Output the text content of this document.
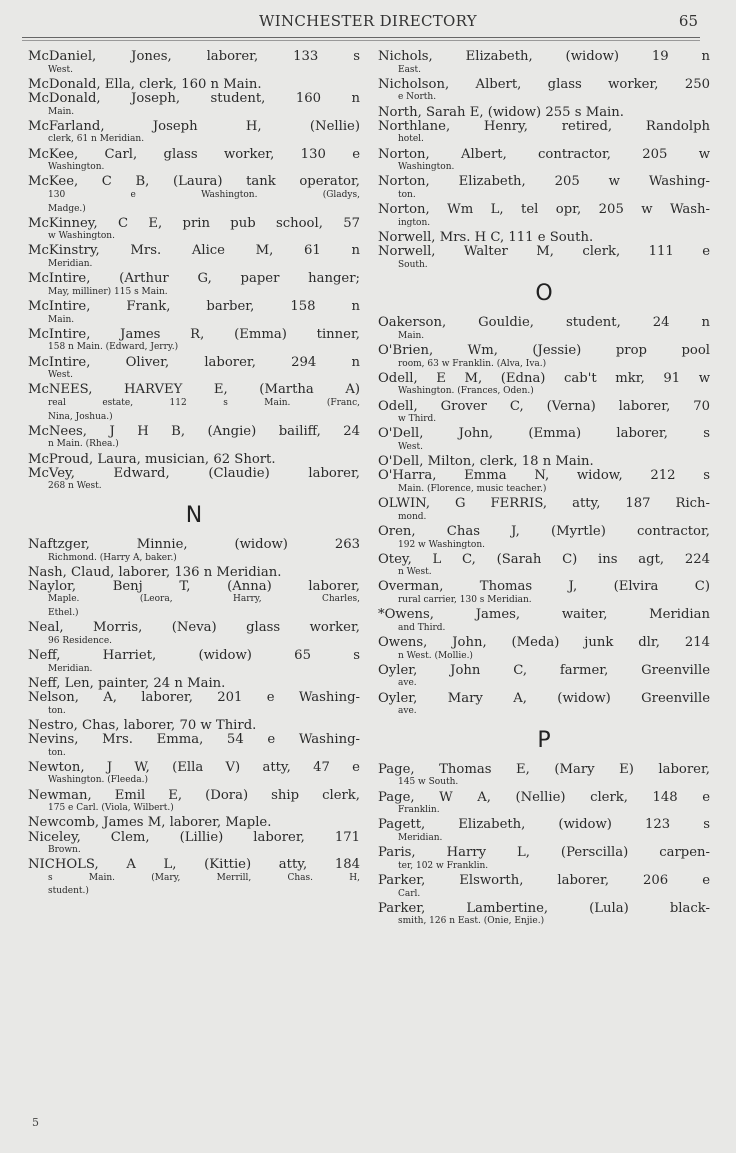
WINCHESTER DIRECTORY	65
McDaniel, Jones, laborer, 133 s
West.
McDonald, Ella, clerk, 160 n Main.
McDonald, Joseph, student, 160 n
Main.
McFarland, Joseph H, (Nellie)
clerk, 61 n Meridian.
McKee, Carl, glass worker, 130 e
Washington.
McKee, C B, (Laura) tank operator,
130 e Washington. (Gladys,
Madge.)
McKinney, C E, prin pub school, 57
w Washington.
McKinstry, Mrs. Alice M, 61 n
Meridian.
McIntire, (Arthur G, paper hanger;
May, milliner) 115 s Main.
McIntire, Frank, barber, 158 n
Main.
McIntire, James R, (Emma) tinner,
158 n Main. (Edward, Jerry.)
McIntire, Oliver, laborer, 294 n
West.
McNEES, HARVEY E, (Martha A)
real estate, 112 s Main. (Franc,
Nina, Joshua.)
McNees, J H B, (Angie) bailiff, 24
n Main. (Rhea.)
McProud, Laura, musician, 62 Short.
McVey, Edward, (Claudie) laborer,
268 n West.
N
Naftzger, Minnie, (widow) 263
Richmond. (Harry A, baker.)
Nash, Claud, laborer, 136 n Meridian.
Naylor, Benj T, (Anna) laborer,
Maple. (Leora, Harry, Charles,
Ethel.)
Neal, Morris, (Neva) glass worker,
96 Residence.
Neff, Harriet, (widow) 65 s
Meridian.
Neff, Len, painter, 24 n Main.
Nelson, A, laborer, 201 e Washing-
ton.
Nestro, Chas, laborer, 70 w Third.
Nevins, Mrs. Emma, 54 e Washing-
ton.
Newton, J W, (Ella V) atty, 47 e
Washington. (Fleeda.)
Newman, Emil E, (Dora) ship clerk,
175 e Carl. (Viola, Wilbert.)
Newcomb, James M, laborer, Maple.
Niceley, Clem, (Lillie) laborer, 171
Brown.
NICHOLS, A L, (Kittie) atty, 184
s Main. (Mary, Merrill, Chas. H,
student.)
Nichols, Elizabeth, (widow) 19 n
East.
Nicholson, Albert, glass worker, 250
e North.
North, Sarah E, (widow) 255 s Main.
Northlane, Henry, retired, Randolph
hotel.
Norton, Albert, contractor, 205 w
Washington.
Norton, Elizabeth, 205 w Washing-
ton.
Norton, Wm L, tel opr, 205 w Wash-
ington.
Norwell, Mrs. H C, 111 e South.
Norwell, Walter M, clerk, 111 e
South.
O
Oakerson, Gouldie, student, 24 n
Main.
O'Brien, Wm, (Jessie) prop pool
room, 63 w Franklin. (Alva, Iva.)
Odell, E M, (Edna) cab't mkr, 91 w
Washington. (Frances, Oden.)
Odell, Grover C, (Verna) laborer, 70
w Third.
O'Dell, John, (Emma) laborer, s
West.
O'Dell, Milton, clerk, 18 n Main.
O'Harra, Emma N, widow, 212 s
Main. (Florence, music teacher.)
OLWIN, G FERRIS, atty, 187 Rich-
mond.
Oren, Chas J, (Myrtle) contractor,
192 w Washington.
Otey, L C, (Sarah C) ins agt, 224
n West.
Overman, Thomas J, (Elvira C)
rural carrier, 130 s Meridian.
*Owens, James, waiter, Meridian
and Third.
Owens, John, (Meda) junk dlr, 214
n West. (Mollie.)
Oyler, John C, farmer, Greenville
ave.
Oyler, Mary A, (widow) Greenville
ave.
P
Page, Thomas E, (Mary E) laborer,
145 w South.
Page, W A, (Nellie) clerk, 148 e
Franklin.
Pagett, Elizabeth, (widow) 123 s
Meridian.
Paris, Harry L, (Perscilla) carpen-
ter, 102 w Franklin.
Parker, Elsworth, laborer, 206 e
Carl.
Parker, Lambertine, (Lula) black-
smith, 126 n East. (Onie, Enjie.)
5
